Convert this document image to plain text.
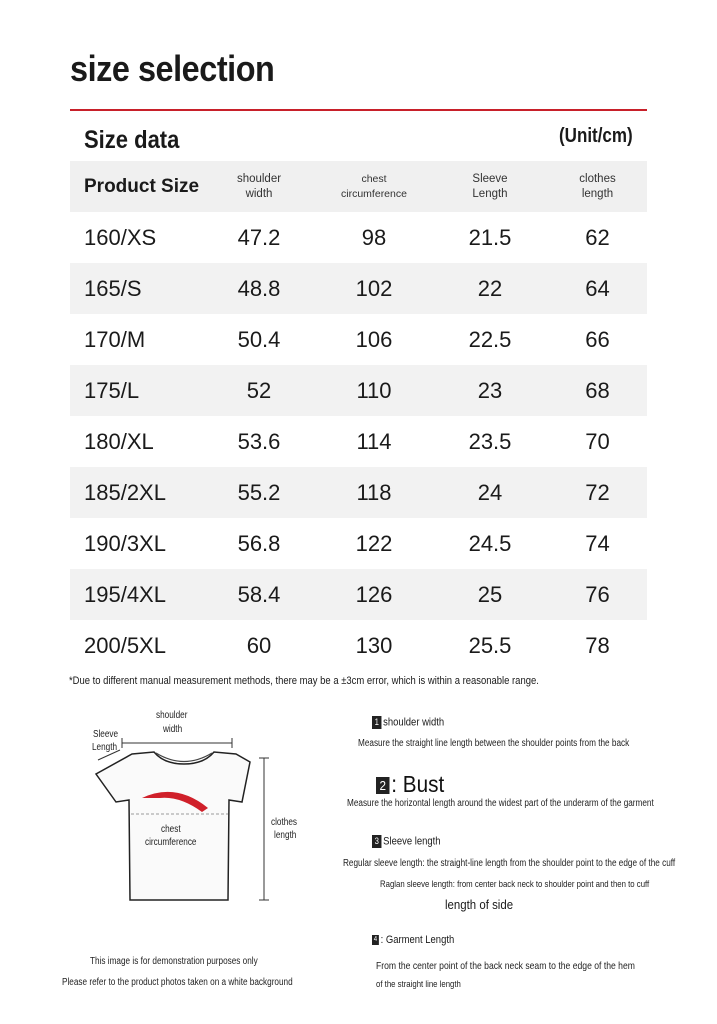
size selection
Size data	(Unit/cm)
Product Size	shoulder width	chest circumference	Sleeve Length	clothes length
160/XS	47.2	98	21.5	62
165/S	48.8	102	22	64
170/M	50.4	106	22.5	66
175/L	52	110	23	68
180/XL	53.6	114	23.5	70
185/2XL	55.2	118	24	72
190/3XL	56.8	122	24.5	74
195/4XL	58.4	126	25	76
200/5XL	60	130	25.5	78
*Due to different manual measurement methods, there may be a ±3cm error, which is within a reasonable range.
shoulder
width
Sleeve
Length
chest
circumference
clothes
length
This image is for demonstration purposes only
Please refer to the product photos taken on a white background
1 shoulder width
Measure the straight line length between the shoulder points from the back
2 : Bust
Measure the horizontal length around the widest part of the underarm of the garment
3 Sleeve length
Regular sleeve length: the straight-line length from the shoulder point to the edge of the cuff
Raglan sleeve length: from center back neck to shoulder point and then to cuff
length of side
4 : Garment Length
From the center point of the back neck seam to the edge of the hem
of the straight line length
